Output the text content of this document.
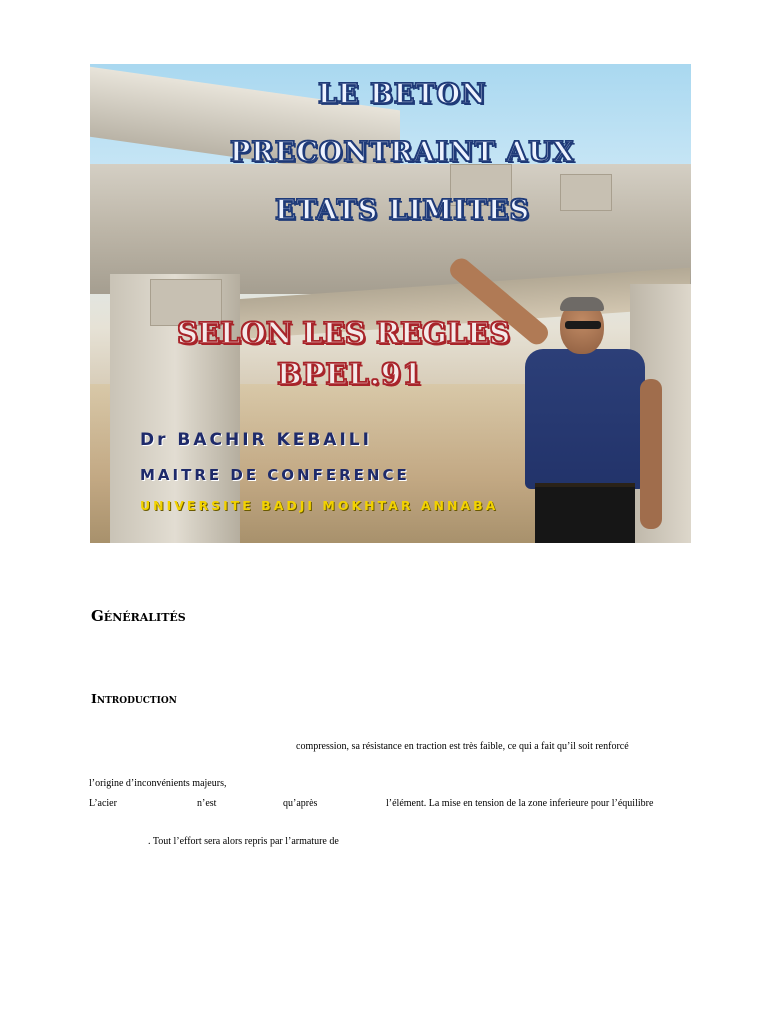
LE BETON
PRECONTRAINT AUX
ETATS LIMITES
SELON LES REGLES
BPEL.91
Dr BACHIR KEBAILI
MAITRE DE CONFERENCE
UNIVERSITE BADJI MOKHTAR ANNABA
Généralités
Introduction
compression, sa résistance en traction est très faible, ce qui a fait qu’il soit renforcé
l’origine d’inconvénients majeurs,
L’acier	n’est	qu’après	l’élément. La mise en tension de la zone inferieure pour l’équilibre
. Tout l’effort sera alors repris par l’armature de
